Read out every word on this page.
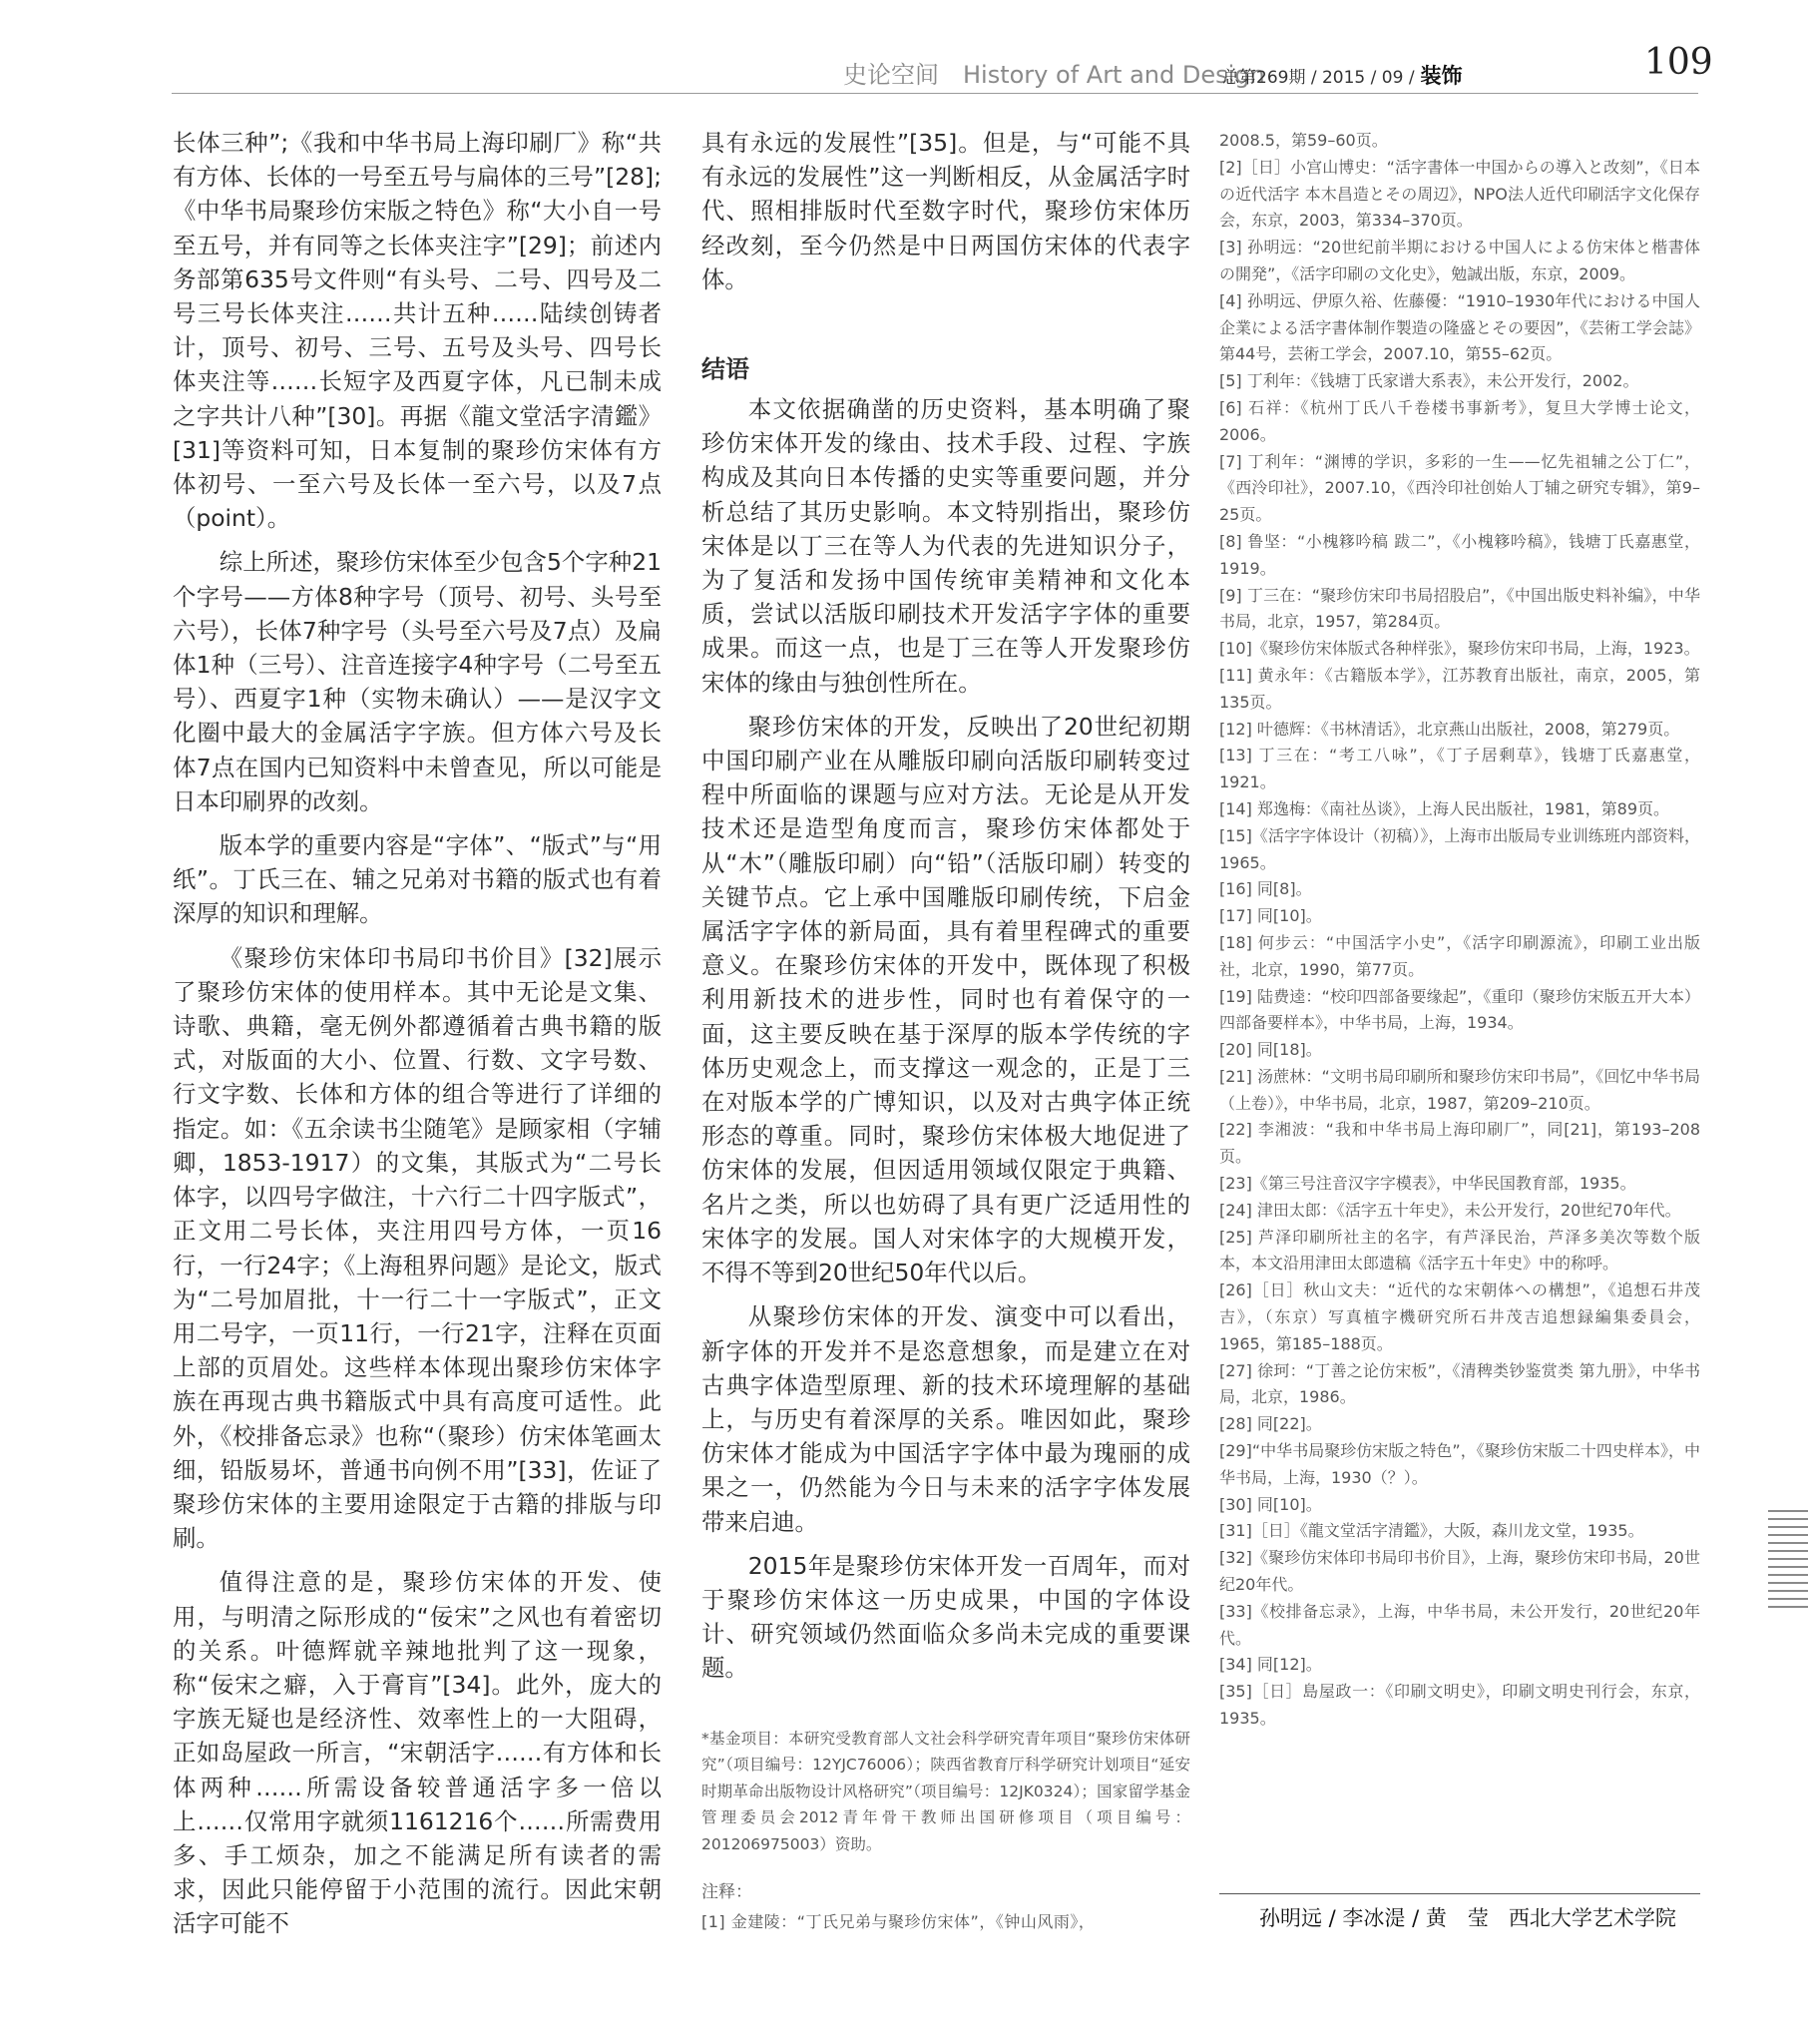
史论空间　History of Art and Design
总第269期 / 2015 / 09 / 装饰	109

长体三种”;《我和中华书局上海印刷厂》称“共有方体、长体的一号至五号与扁体的三号”[28];《中华书局聚珍仿宋版之特色》称“大小自一号至五号，并有同等之长体夹注字”[29]；前述内务部第635号文件则“有头号、二号、四号及二号三号长体夹注……共计五种……陆续创铸者计，顶号、初号、三号、五号及头号、四号长体夹注等……长短字及西夏字体，凡已制未成之字共计八种”[30]。再据《龍文堂活字清鑑》[31]等资料可知，日本复制的聚珍仿宋体有方体初号、一至六号及长体一至六号，以及7点（point）。

综上所述，聚珍仿宋体至少包含5个字种21个字号——方体8种字号（顶号、初号、头号至六号），长体7种字号（头号至六号及7点）及扁体1种（三号）、注音连接字4种字号（二号至五号）、西夏字1种（实物未确认）——是汉字文化圈中最大的金属活字字族。但方体六号及长体7点在国内已知资料中未曾查见，所以可能是日本印刷界的改刻。

版本学的重要内容是“字体”、“版式”与“用纸”。丁氏三在、辅之兄弟对书籍的版式也有着深厚的知识和理解。

《聚珍仿宋体印书局印书价目》[32]展示了聚珍仿宋体的使用样本。其中无论是文集、诗歌、典籍，毫无例外都遵循着古典书籍的版式，对版面的大小、位置、行数、文字号数、行文字数、长体和方体的组合等进行了详细的指定。如：《五余读书尘随笔》是顾家相（字辅卿，1853-1917）的文集，其版式为“二号长体字，以四号字做注，十六行二十四字版式”，正文用二号长体，夹注用四号方体，一页16行，一行24字；《上海租界问题》是论文，版式为“二号加眉批，十一行二十一字版式”，正文用二号字，一页11行，一行21字，注释在页面上部的页眉处。这些样本体现出聚珍仿宋体字族在再现古典书籍版式中具有高度可适性。此外，《校排备忘录》也称“（聚珍）仿宋体笔画太细，铅版易坏，普通书向例不用”[33]，佐证了聚珍仿宋体的主要用途限定于古籍的排版与印刷。

值得注意的是，聚珍仿宋体的开发、使用，与明清之际形成的“佞宋”之风也有着密切的关系。叶德辉就辛辣地批判了这一现象，称“佞宋之癖，入于膏肓”[34]。此外，庞大的字族无疑也是经济性、效率性上的一大阻碍，正如岛屋政一所言，“宋朝活字……有方体和长体两种……所需设备较普通活字多一倍以上……仅常用字就须1161216个……所需费用多、手工烦杂，加之不能满足所有读者的需求，因此只能停留于小范围的流行。因此宋朝活字可能不

具有永远的发展性”[35]。但是，与“可能不具有永远的发展性”这一判断相反，从金属活字时代、照相排版时代至数字时代，聚珍仿宋体历经改刻，至今仍然是中日两国仿宋体的代表字体。

结语

本文依据确凿的历史资料，基本明确了聚珍仿宋体开发的缘由、技术手段、过程、字族构成及其向日本传播的史实等重要问题，并分析总结了其历史影响。本文特别指出，聚珍仿宋体是以丁三在等人为代表的先进知识分子，为了复活和发扬中国传统审美精神和文化本质，尝试以活版印刷技术开发活字字体的重要成果。而这一点，也是丁三在等人开发聚珍仿宋体的缘由与独创性所在。

聚珍仿宋体的开发，反映出了20世纪初期中国印刷产业在从雕版印刷向活版印刷转变过程中所面临的课题与应对方法。无论是从开发技术还是造型角度而言，聚珍仿宋体都处于从“木”（雕版印刷）向“铅”（活版印刷）转变的关键节点。它上承中国雕版印刷传统，下启金属活字字体的新局面，具有着里程碑式的重要意义。在聚珍仿宋体的开发中，既体现了积极利用新技术的进步性，同时也有着保守的一面，这主要反映在基于深厚的版本学传统的字体历史观念上，而支撑这一观念的，正是丁三在对版本学的广博知识，以及对古典字体正统形态的尊重。同时，聚珍仿宋体极大地促进了仿宋体的发展，但因适用领域仅限定于典籍、名片之类，所以也妨碍了具有更广泛适用性的宋体字的发展。国人对宋体字的大规模开发，不得不等到20世纪50年代以后。

从聚珍仿宋体的开发、演变中可以看出，新字体的开发并不是恣意想象，而是建立在对古典字体造型原理、新的技术环境理解的基础上，与历史有着深厚的关系。唯因如此，聚珍仿宋体才能成为中国活字字体中最为瑰丽的成果之一，仍然能为今日与未来的活字字体发展带来启迪。

2015年是聚珍仿宋体开发一百周年，而对于聚珍仿宋体这一历史成果，中国的字体设计、研究领域仍然面临众多尚未完成的重要课题。

*基金项目：本研究受教育部人文社会科学研究青年项目“聚珍仿宋体研究”（项目编号：12YJC76006）；陕西省教育厅科学研究计划项目“延安时期革命出版物设计风格研究”（项目编号：12JK0324）；国家留学基金管理委员会2012青年骨干教师出国研修项目（项目编号：201206975003）资助。
注释：
[1] 金建陵：“丁氏兄弟与聚珍仿宋体”，《钟山风雨》，

2008.5，第59–60页。

[2]［日］小宫山博史：“活字書体一中国からの導入と改刻”，《日本の近代活字 本木昌造とその周辺》，NPO法人近代印刷活字文化保存会，东京，2003，第334–370页。

[3] 孙明远：“20世纪前半期における中国人による仿宋体と楷書体の開発”，《活字印刷の文化史》，勉誠出版，东京，2009。

[4] 孙明远、伊原久裕、佐藤優：“1910–1930年代における中国人企業による活字書体制作製造の隆盛とその要因”，《芸術工学会誌》第44号，芸術工学会，2007.10，第55–62页。

[5] 丁利年：《钱塘丁氏家谱大系表》，未公开发行，2002。

[6] 石祥：《杭州丁氏八千卷楼书事新考》，复旦大学博士论文，2006。

[7] 丁利年：“渊博的学识，多彩的一生——忆先祖辅之公丁仁”，《西泠印社》，2007.10，《西泠印社创始人丁辅之研究专辑》，第9–25页。

[8] 鲁坚：“小槐簃吟稿 跋二”，《小槐簃吟稿》，钱塘丁氏嘉惠堂，1919。

[9] 丁三在：“聚珍仿宋印书局招股启”，《中国出版史料补编》，中华书局，北京，1957，第284页。

[10]《聚珍仿宋体版式各种样张》，聚珍仿宋印书局，上海，1923。

[11] 黄永年：《古籍版本学》，江苏教育出版社，南京，2005，第135页。

[12] 叶德辉：《书林清话》，北京燕山出版社，2008，第279页。

[13] 丁三在：“考工八咏”，《丁子居剩草》，钱塘丁氏嘉惠堂，1921。

[14] 郑逸梅：《南社丛谈》，上海人民出版社，1981，第89页。

[15]《活字字体设计（初稿）》，上海市出版局专业训练班内部资料，1965。

[16] 同[8]。

[17] 同[10]。

[18] 何步云：“中国活字小史”，《活字印刷源流》，印刷工业出版社，北京，1990，第77页。

[19] 陆费逵：“校印四部备要缘起”，《重印（聚珍仿宋版五开大本）四部备要样本》，中华书局，上海，1934。

[20] 同[18]。

[21] 汤蔗林：“文明书局印刷所和聚珍仿宋印书局”，《回忆中华书局（上卷）》，中华书局，北京，1987，第209–210页。

[22] 李湘波：“我和中华书局上海印刷厂”，同[21]，第193–208页。

[23]《第三号注音汉字字模表》，中华民国教育部，1935。

[24] 津田太郎：《活字五十年史》，未公开发行，20世纪70年代。

[25] 芦泽印刷所社主的名字，有芦泽民治，芦泽多美次等数个版本，本文沿用津田太郎遗稿《活字五十年史》中的称呼。

[26]［日］秋山文夫：“近代的な宋朝体への構想”，《追想石井茂吉》，（东京）写真植字機研究所石井茂吉追想録編集委員会，1965，第185–188页。

[27] 徐珂：“丁善之论仿宋板”，《清稗类钞鉴赏类 第九册》，中华书局，北京，1986。

[28] 同[22]。

[29]“中华书局聚珍仿宋版之特色”，《聚珍仿宋版二十四史样本》，中华书局，上海，1930（？）。

[30] 同[10]。

[31]［日］《龍文堂活字清鑑》，大阪，森川龙文堂，1935。

[32]《聚珍仿宋体印书局印书价目》，上海，聚珍仿宋印书局，20世纪20年代。

[33]《校排备忘录》，上海，中华书局，未公开发行，20世纪20年代。

[34] 同[12]。

[35]［日］島屋政一：《印刷文明史》，印刷文明史刊行会，东京，1935。

孙明远 / 李冰湜 / 黄　莹 西北大学艺术学院
